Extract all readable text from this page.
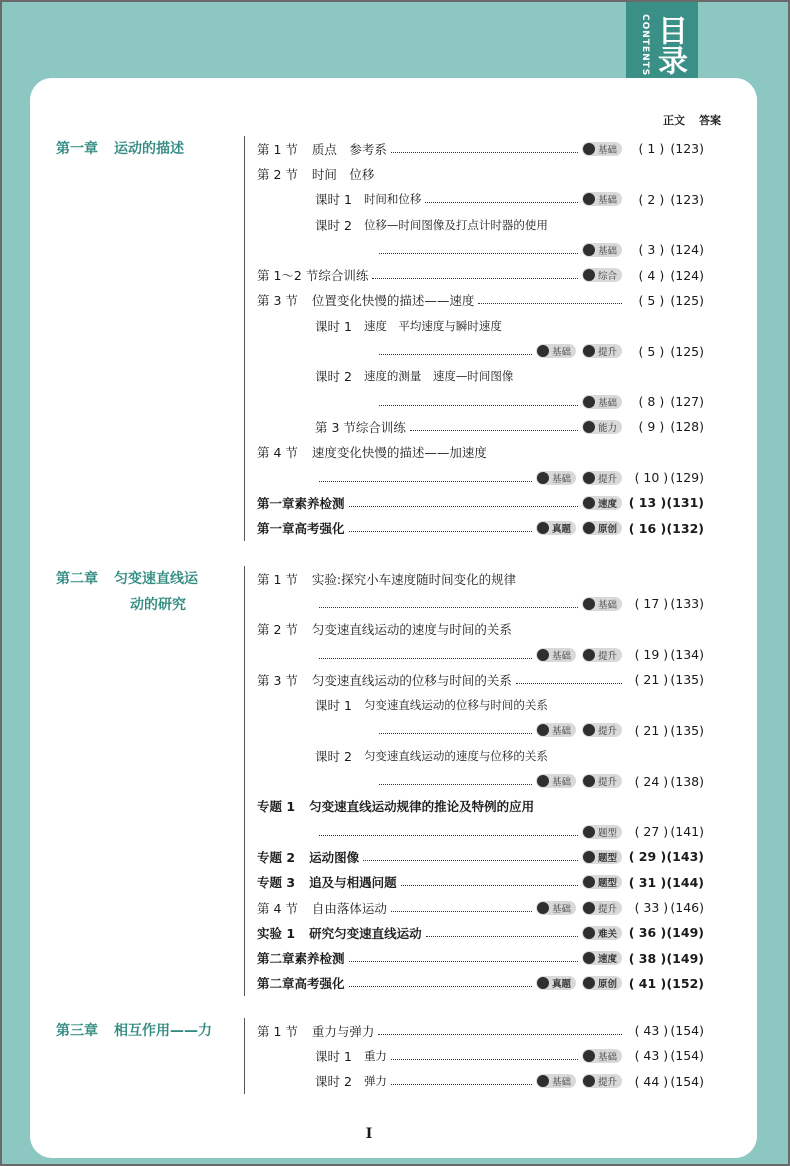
CONTENTS 目录
正文 答案
第一章 运动的描述	第 1 节 质点　参考系	基础	( 1 ) (123)
第 2 节 时间　位移
课时 1 时间和位移	基础	( 2 ) (123)
课时 2 位移—时间图像及打点计时器的使用
基础	( 3 ) (124)
第 1～2 节综合训练	综合	( 4 ) (124)
第 3 节 位置变化快慢的描述——速度	( 5 ) (125)
课时 1 速度　平均速度与瞬时速度
基础	提升	( 5 ) (125)
课时 2 速度的测量　速度—时间图像
基础	( 8 ) (127)
第 3 节综合训练	能力	( 9 ) (128)
第 4 节 速度变化快慢的描述——加速度
基础	提升	( 10 ) (129)
第一章素养检测	速度 ( 13 )(131)
第一章高考强化	真题	原创 ( 16 )(132)
第二章 匀变速直线运
动的研究
第 1 节 实验:探究小车速度随时间变化的规律
基础	( 17 ) (133)
第 2 节 匀变速直线运动的速度与时间的关系
基础	提升	( 19 ) (134)
第 3 节 匀变速直线运动的位移与时间的关系	( 21 ) (135)
课时 1 匀变速直线运动的位移与时间的关系
基础	提升	( 21 ) (135)
课时 2 匀变速直线运动的速度与位移的关系
基础	提升	( 24 ) (138)
专题 1 匀变速直线运动规律的推论及特例的应用
题型	( 27 ) (141)
专题 2 运动图像	题型 ( 29 )(143)
专题 3 追及与相遇问题	题型 ( 31 )(144)
第 4 节 自由落体运动	基础	提升	( 33 ) (146)
实验 1 研究匀变速直线运动	难关 ( 36 )(149)
第二章素养检测	速度 ( 38 )(149)
第二章高考强化	真题	原创 ( 41 )(152)
第三章 相互作用——力	第 1 节 重力与弹力	( 43 ) (154)
课时 1 重力	基础	( 43 ) (154)
课时 2 弹力	基础	提升	( 44 ) (154)
I
